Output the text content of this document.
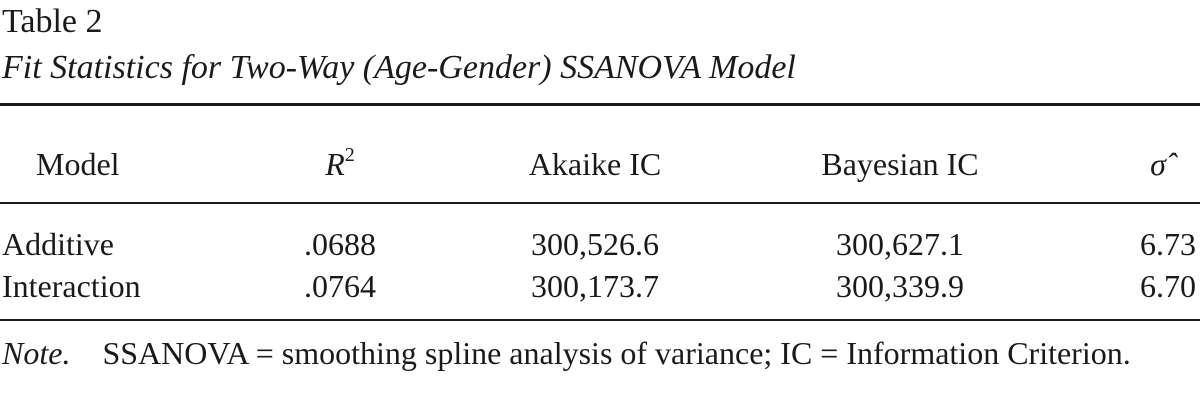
Table 2
Fit Statistics for Two-Way (Age-Gender) SSANOVA Model
Model	$R^2$	Akaike IC	Bayesian IC	σ̂
Additive	.0688	300,526.6	300,627.1	6.73
Interaction	.0764	300,173.7	300,339.9	6.70
Note. SSANOVA = smoothing spline analysis of variance; IC = Information Criterion.
